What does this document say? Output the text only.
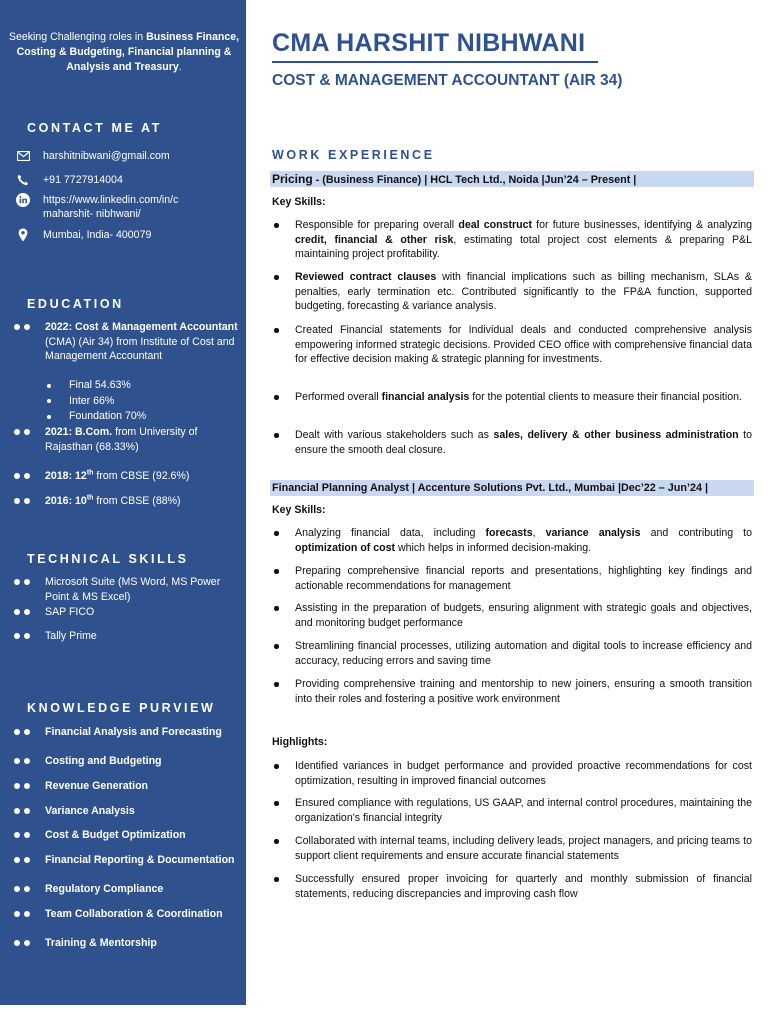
Seeking Challenging roles in Business Finance, Costing & Budgeting, Financial planning & Analysis and Treasury.
CONTACT ME AT
harshitnibwani@gmail.com
+91 7727914004
https://www.linkedin.com/in/c
maharshit- nibhwani/
Mumbai, India- 400079
EDUCATION
2022: Cost & Management Accountant (CMA) (Air 34) from Institute of Cost and Management Accountant
Final 54.63%
Inter 66%
Foundation 70%
2021: B.Com. from University of Rajasthan (68.33%)
2018: 12th from CBSE (92.6%)
2016: 10th from CBSE (88%)
TECHNICAL SKILLS
Microsoft Suite (MS Word, MS Power Point & MS Excel)
SAP FICO
Tally Prime
KNOWLEDGE PURVIEW
Financial Analysis and Forecasting
Costing and Budgeting
Revenue Generation
Variance Analysis
Cost & Budget Optimization
Financial Reporting & Documentation
Regulatory Compliance
Team Collaboration & Coordination
Training & Mentorship
CMA HARSHIT NIBHWANI
COST & MANAGEMENT ACCOUNTANT (AIR 34)
WORK EXPERIENCE
Pricing - (Business Finance) | HCL Tech Ltd., Noida |Jun’24 – Present |
Key Skills:
Responsible for preparing overall deal construct for future businesses, identifying & analyzing credit, financial & other risk, estimating total project cost elements & preparing P&L maintaining project profitability.
Reviewed contract clauses with financial implications such as billing mechanism, SLAs & penalties, early termination etc. Contributed significantly to the FP&A function, supported budgeting, forecasting & variance analysis.
Created Financial statements for Individual deals and conducted comprehensive analysis empowering informed strategic decisions. Provided CEO office with comprehensive financial data for effective decision making & strategic planning for investments.
Performed overall financial analysis for the potential clients to measure their financial position.
Dealt with various stakeholders such as sales, delivery & other business administration to ensure the smooth deal closure.
Financial Planning Analyst | Accenture Solutions Pvt. Ltd., Mumbai |Dec’22 – Jun’24 |
Key Skills:
Analyzing financial data, including forecasts, variance analysis and contributing to optimization of cost which helps in informed decision-making.
Preparing comprehensive financial reports and presentations, highlighting key findings and actionable recommendations for management
Assisting in the preparation of budgets, ensuring alignment with strategic goals and objectives, and monitoring budget performance
Streamlining financial processes, utilizing automation and digital tools to increase efficiency and accuracy, reducing errors and saving time
Providing comprehensive training and mentorship to new joiners, ensuring a smooth transition into their roles and fostering a positive work environment
Highlights:
Identified variances in budget performance and provided proactive recommendations for cost optimization, resulting in improved financial outcomes
Ensured compliance with regulations, US GAAP, and internal control procedures, maintaining the organization's financial integrity
Collaborated with internal teams, including delivery leads, project managers, and pricing teams to support client requirements and ensure accurate financial statements
Successfully ensured proper invoicing for quarterly and monthly submission of financial statements, reducing discrepancies and improving cash flow
